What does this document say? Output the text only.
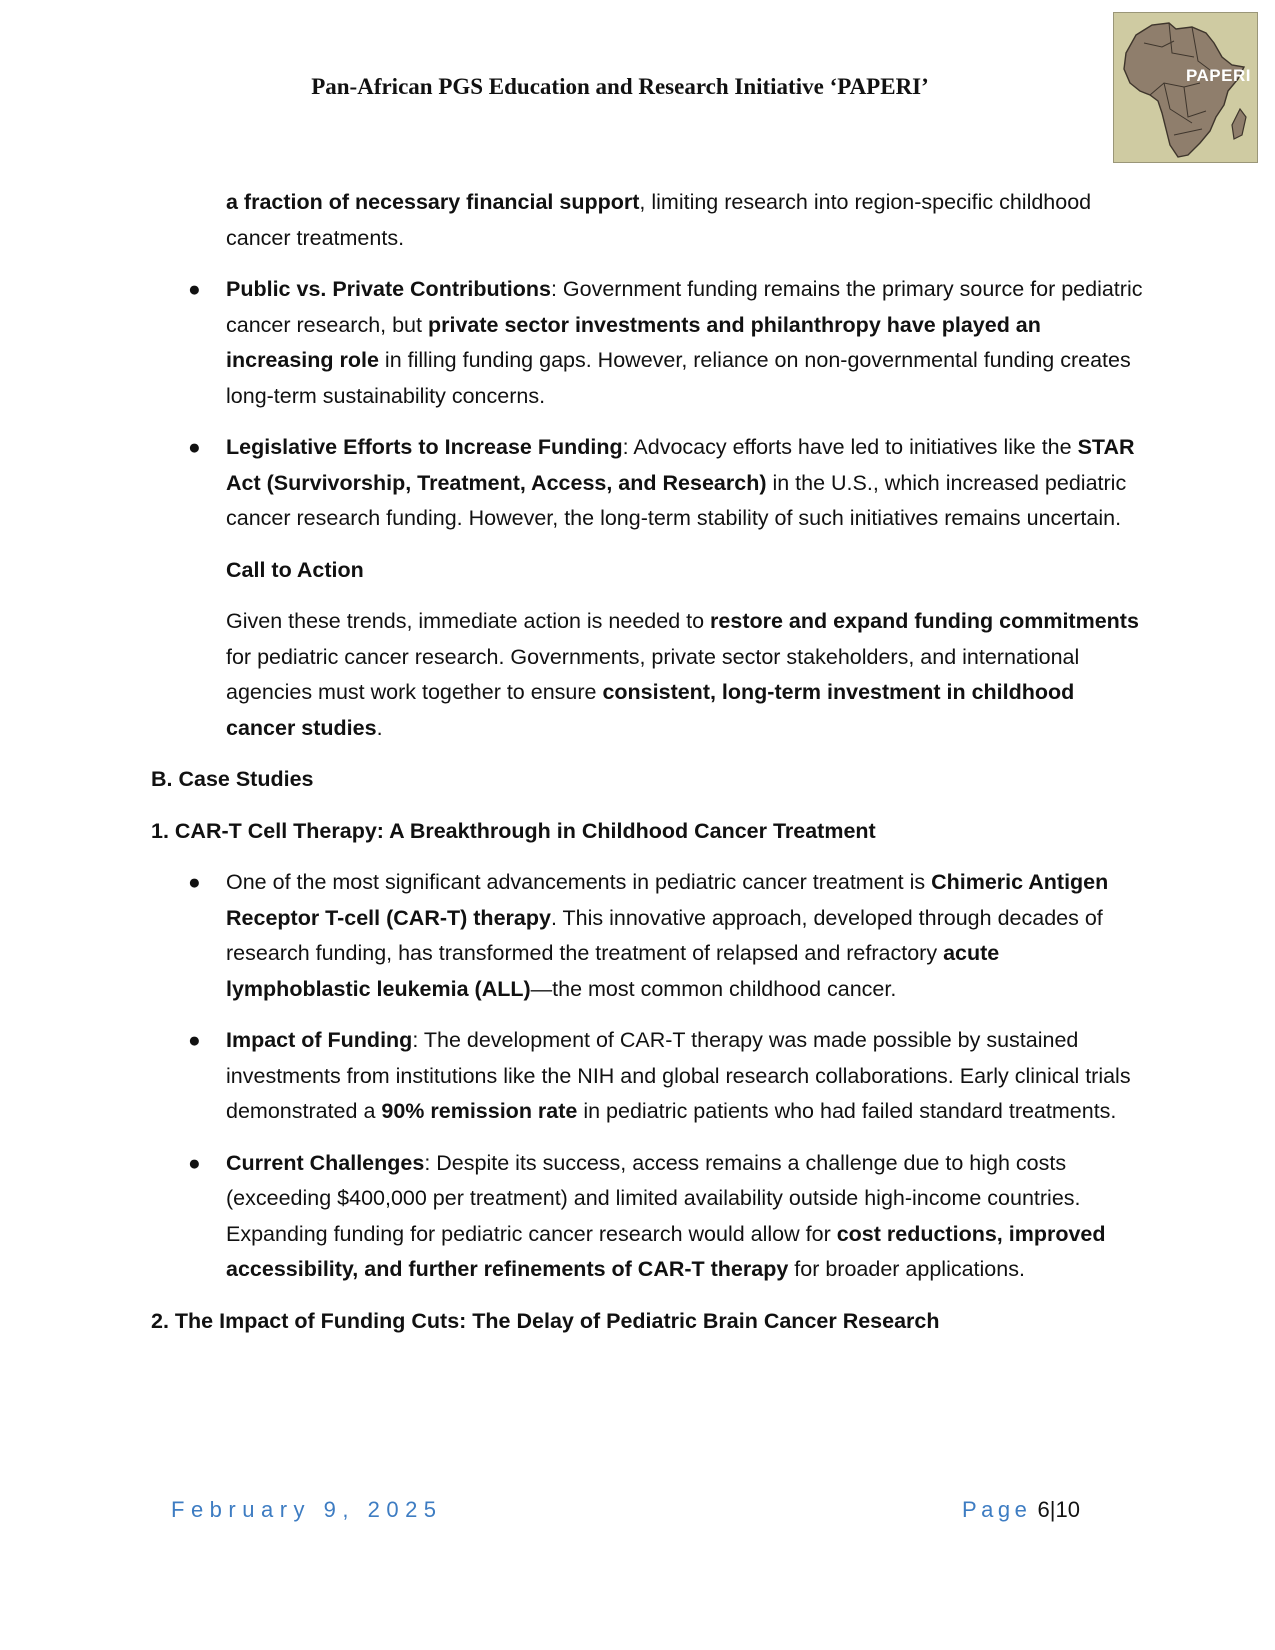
Pan-African PGS Education and Research Initiative ‘PAPERI’	PAPERI

a fraction of necessary financial support, limiting research into region-specific childhood cancer treatments.

● Public vs. Private Contributions: Government funding remains the primary source for pediatric cancer research, but private sector investments and philanthropy have played an increasing role in filling funding gaps. However, reliance on non-governmental funding creates long-term sustainability concerns.
● Legislative Efforts to Increase Funding: Advocacy efforts have led to initiatives like the STAR Act (Survivorship, Treatment, Access, and Research) in the U.S., which increased pediatric cancer research funding. However, the long-term stability of such initiatives remains uncertain.

Call to Action

Given these trends, immediate action is needed to restore and expand funding commitments for pediatric cancer research. Governments, private sector stakeholders, and international agencies must work together to ensure consistent, long-term investment in childhood cancer studies.

B. Case Studies

1. CAR-T Cell Therapy: A Breakthrough in Childhood Cancer Treatment

● One of the most significant advancements in pediatric cancer treatment is Chimeric Antigen Receptor T-cell (CAR-T) therapy. This innovative approach, developed through decades of research funding, has transformed the treatment of relapsed and refractory acute lymphoblastic leukemia (ALL)—the most common childhood cancer.
● Impact of Funding: The development of CAR-T therapy was made possible by sustained investments from institutions like the NIH and global research collaborations. Early clinical trials demonstrated a 90% remission rate in pediatric patients who had failed standard treatments.
● Current Challenges: Despite its success, access remains a challenge due to high costs (exceeding $400,000 per treatment) and limited availability outside high-income countries. Expanding funding for pediatric cancer research would allow for cost reductions, improved accessibility, and further refinements of CAR-T therapy for broader applications.

2. The Impact of Funding Cuts: The Delay of Pediatric Brain Cancer Research

February 9, 2025	Page 6|10
